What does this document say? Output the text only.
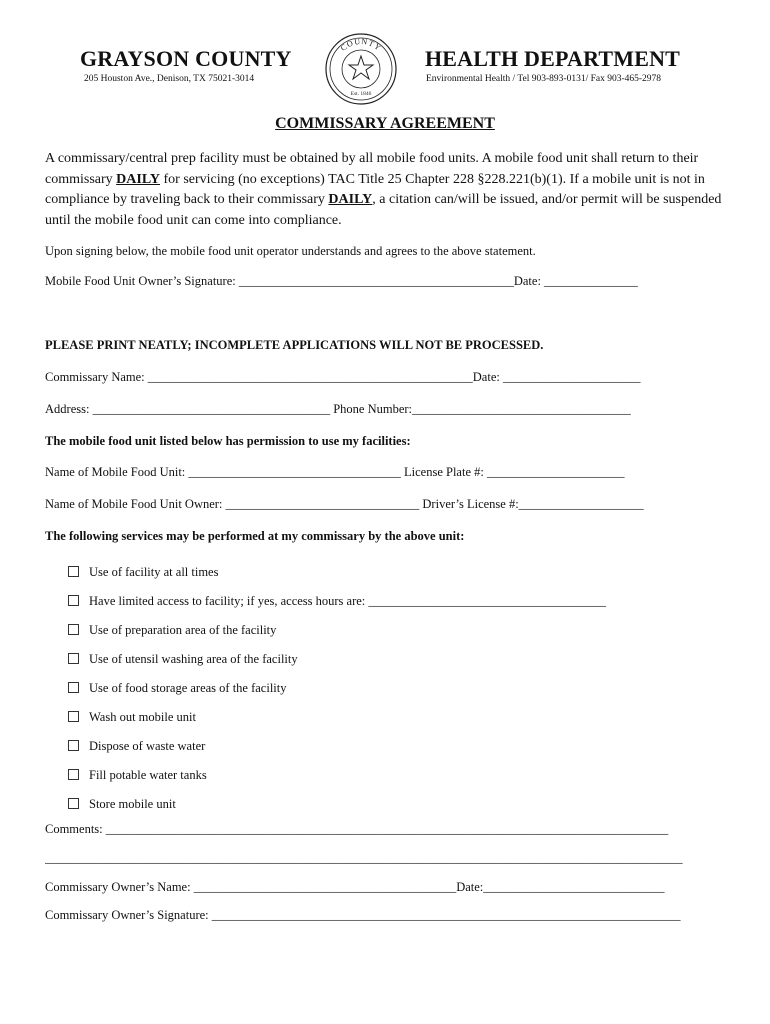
GRAYSON COUNTY
205 Houston Ave., Denison, TX 75021-3014
COUNTY
Est. 1846
HEALTH DEPARTMENT
Environmental Health / Tel 903-893-0131/ Fax 903-465-2978
COMMISSARY AGREEMENT
A commissary/central prep facility must be obtained by all mobile food units. A mobile food unit shall return to their commissary DAILY for servicing (no exceptions) TAC Title 25 Chapter 228 §228.221(b)(1). If a mobile unit is not in compliance by traveling back to their commissary DAILY, a citation can/will be issued, and/or permit will be suspended until the mobile food unit can come into compliance.
Upon signing below, the mobile food unit operator understands and agrees to the above statement.
Mobile Food Unit Owner’s Signature: ____________________________________________Date: _______________
PLEASE PRINT NEATLY; INCOMPLETE APPLICATIONS WILL NOT BE PROCESSED.
Commissary Name: ____________________________________________________Date: ______________________
Address: ______________________________________ Phone Number:___________________________________
The mobile food unit listed below has permission to use my facilities:
Name of Mobile Food Unit: __________________________________ License Plate #: ______________________
Name of Mobile Food Unit Owner: _______________________________ Driver’s License #:____________________
The following services may be performed at my commissary by the above unit:
Use of facility at all times
Have limited access to facility; if yes, access hours are: ______________________________________
Use of preparation area of the facility
Use of utensil washing area of the facility
Use of food storage areas of the facility
Wash out mobile unit
Dispose of waste water
Fill potable water tanks
Store mobile unit
Comments: __________________________________________________________________________________________
______________________________________________________________________________________________________
Commissary Owner’s Name: __________________________________________Date:_____________________________
Commissary Owner’s Signature: ___________________________________________________________________________
